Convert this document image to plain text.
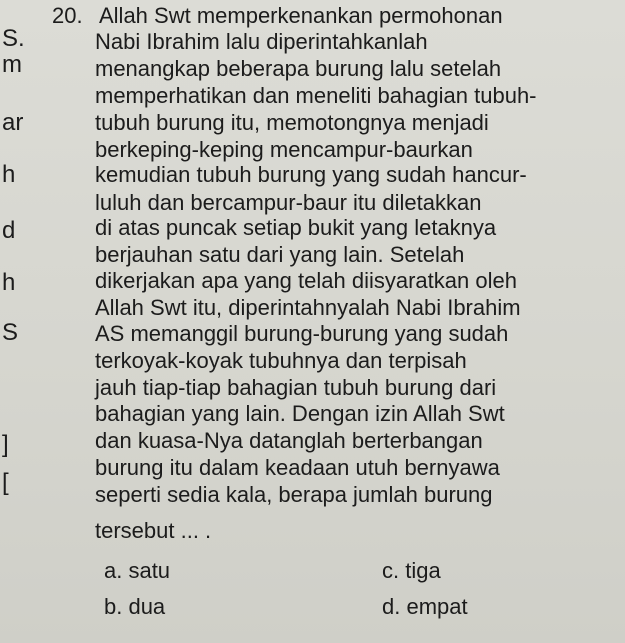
S.
m
ar
h
d
h
S
]
[
20. Allah Swt memperkenankan permohonan
Nabi Ibrahim lalu diperintahkanlah
menangkap beberapa burung lalu setelah
memperhatikan dan meneliti bahagian tubuh-
tubuh burung itu, memotongnya menjadi
berkeping-keping mencampur-baurkan
kemudian tubuh burung yang sudah hancur-
luluh dan bercampur-baur itu diletakkan
di atas puncak setiap bukit yang letaknya
berjauhan satu dari yang lain. Setelah
dikerjakan apa yang telah diisyaratkan oleh
Allah Swt itu, diperintahnyalah Nabi Ibrahim
AS memanggil burung-burung yang sudah
terkoyak-koyak tubuhnya dan terpisah
jauh tiap-tiap bahagian tubuh burung dari
bahagian yang lain. Dengan izin Allah Swt
dan kuasa-Nya datanglah berterbangan
burung itu dalam keadaan utuh bernyawa
seperti sedia kala, berapa jumlah burung
tersebut ... .
a. satu
b. dua
c. tiga
d. empat
